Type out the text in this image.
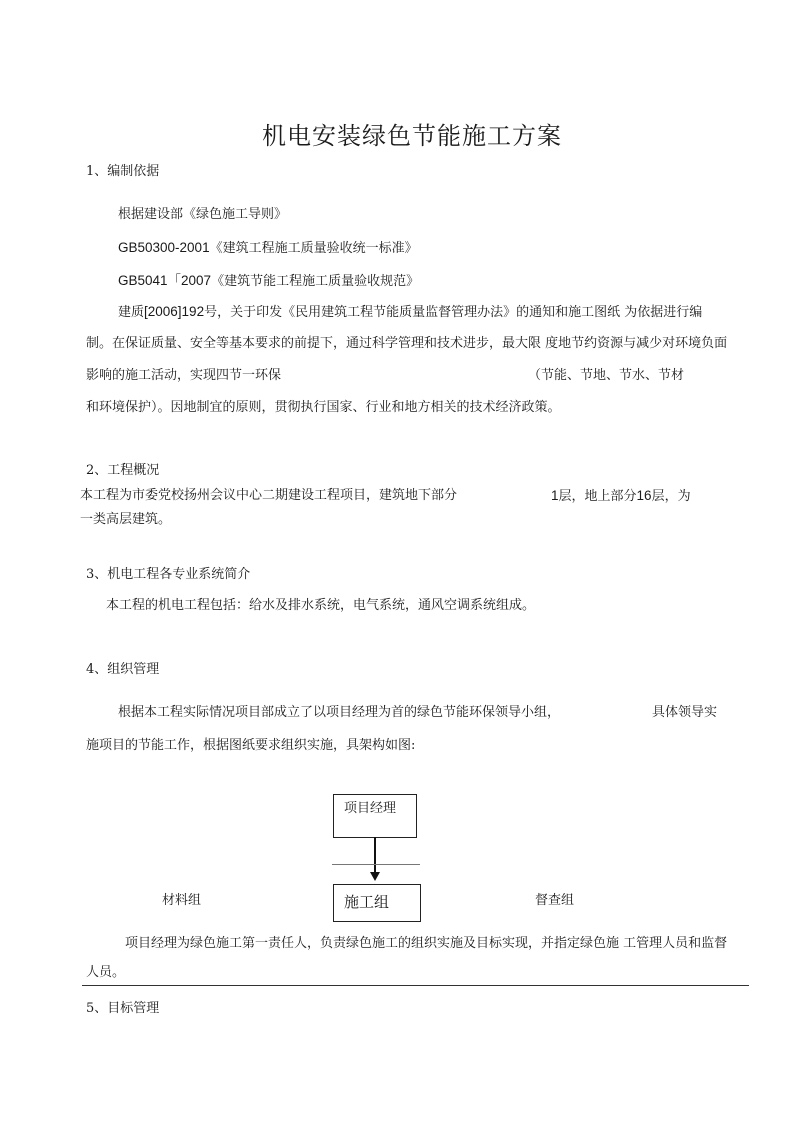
机电安装绿色节能施工方案
1、编制依据
根据建设部《绿色施工导则》
GB50300-2001《建筑工程施工质量验收统一标准》
GB5041「2007《建筑节能工程施工质量验收规范》
建质[2006]192号，关于印发《民用建筑工程节能质量监督管理办法》的通知和施工图纸 为依据进行编
制。在保证质量、安全等基本要求的前提下，通过科学管理和技术进步，最大限 度地节约资源与减少对环境负面
影响的施工活动，实现四节一环保	（节能、节地、节水、节材
和环境保护）。因地制宜的原则，贯彻执行国家、行业和地方相关的技术经济政策。
2、工程概况
本工程为市委党校扬州会议中心二期建设工程项目，建筑地下部分	1层，地上部分16层，为
一类高层建筑。
3、机电工程各专业系统简介
本工程的机电工程包括：给水及排水系统，电气系统，通风空调系统组成。
4、组织管理
根据本工程实际情况项目部成立了以项目经理为首的绿色节能环保领导小组，	具体领导实
施项目的节能工作，根据图纸要求组织实施，具架构如图:
项目经理
施工组
材料组	督查组
项目经理为绿色施工第一责任人，负责绿色施工的组织实施及目标实现，并指定绿色施 工管理人员和监督
人员。
5、目标管理
